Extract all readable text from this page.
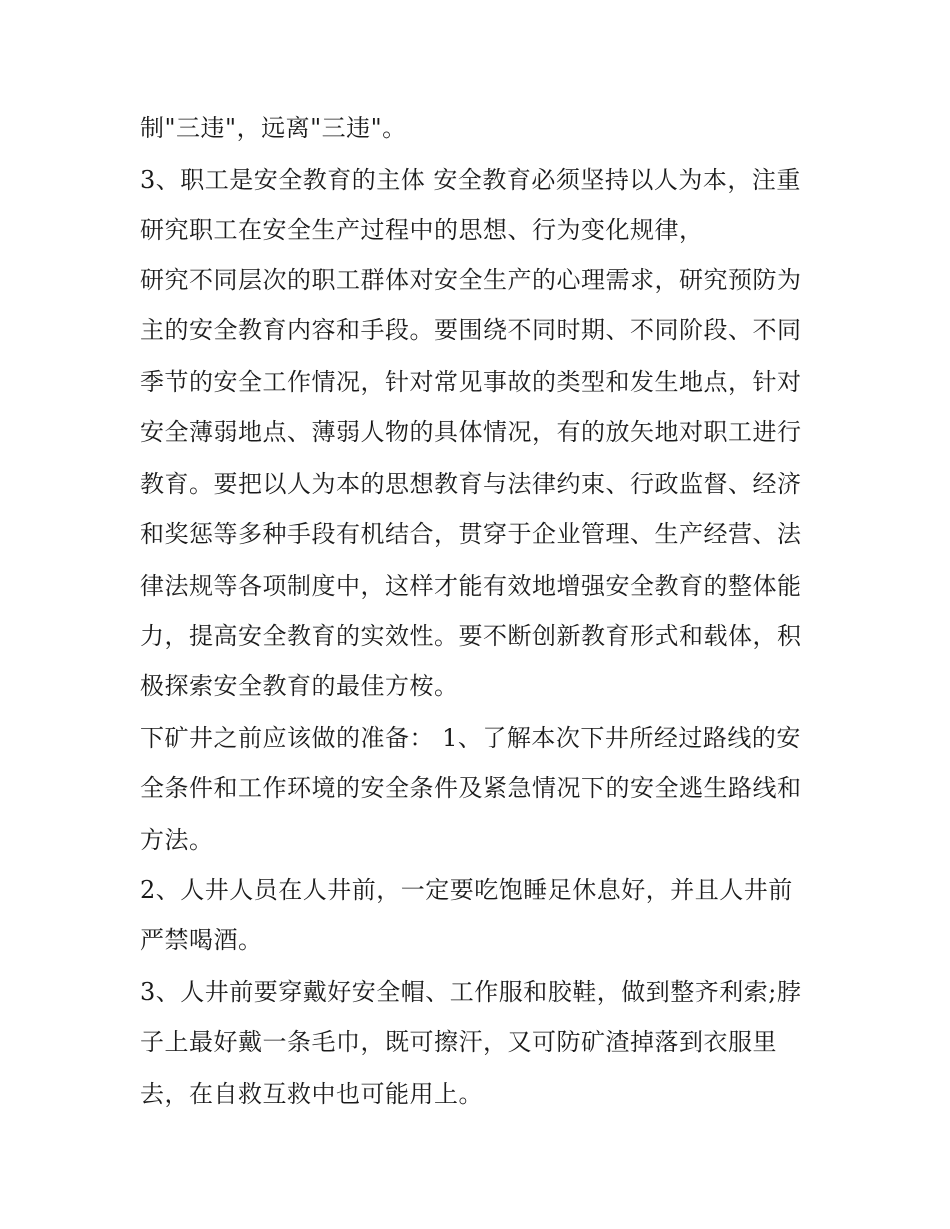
制"三违"，远离"三违"。

3、职工是安全教育的主体 安全教育必须坚持以人为本，注重

研究职工在安全生产过程中的思想、行为变化规律，

研究不同层次的职工群体对安全生产的心理需求，研究预防为

主的安全教育内容和手段。要围绕不同时期、不同阶段、不同

季节的安全工作情况，针对常见事故的类型和发生地点，针对

安全薄弱地点、薄弱人物的具体情况，有的放矢地对职工进行

教育。要把以人为本的思想教育与法律约束、行政监督、经济

和奖惩等多种手段有机结合，贯穿于企业管理、生产经营、法

律法规等各项制度中，这样才能有效地增强安全教育的整体能

力，提高安全教育的实效性。要不断创新教育形式和载体，积

极探索安全教育的最佳方桉。

下矿井之前应该做的准备： 1、了解本次下井所经过路线的安

全条件和工作环境的安全条件及紧急情况下的安全逃生路线和

方法。

2、人井人员在人井前，一定要吃饱睡足休息好，并且人井前

严禁喝酒。

3、人井前要穿戴好安全帽、工作服和胶鞋，做到整齐利索;脖

子上最好戴一条毛巾，既可擦汗，又可防矿渣掉落到衣服里

去，在自救互救中也可能用上。
